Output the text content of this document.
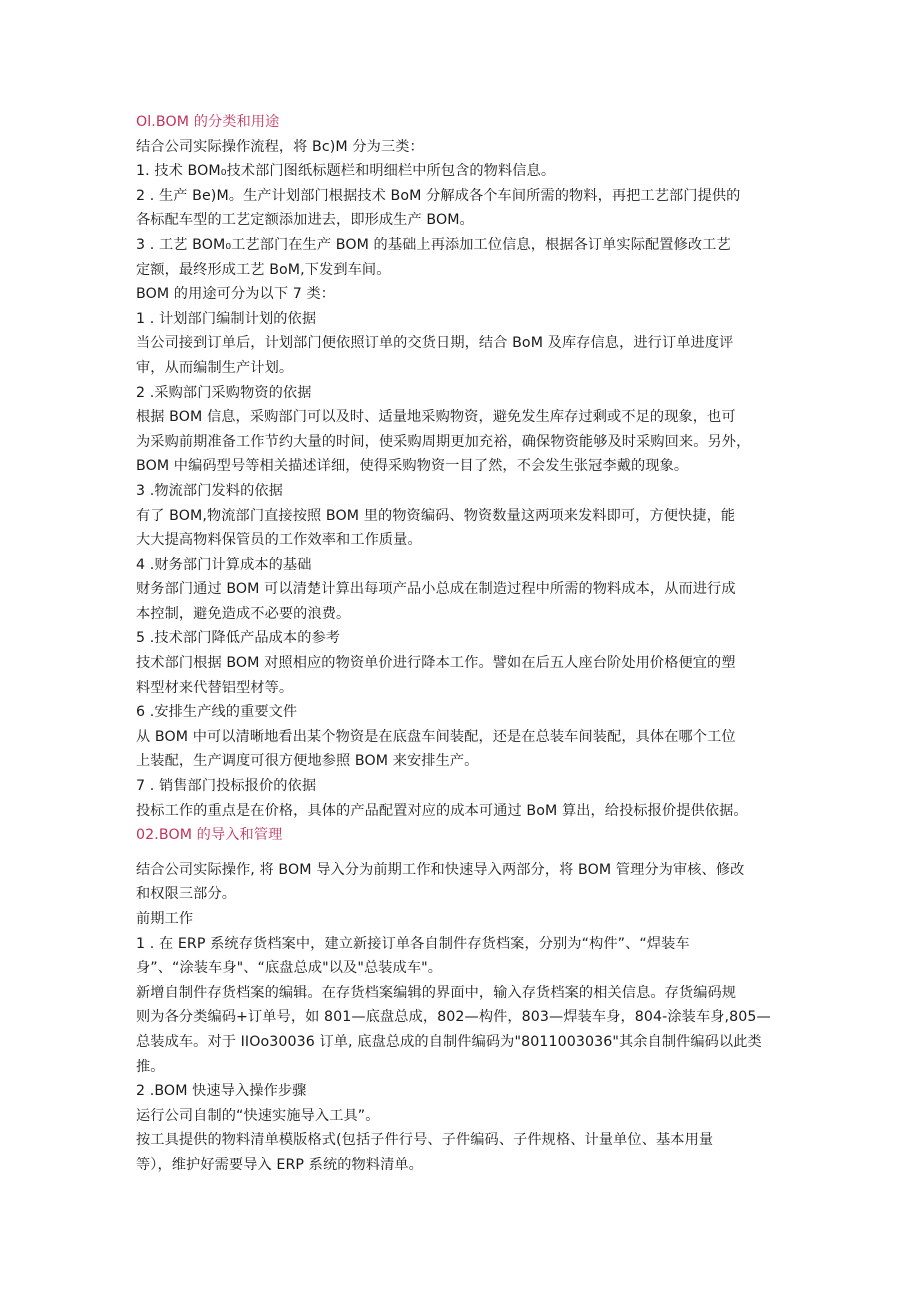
Ol.BOM 的分类和用途
结合公司实际操作流程，将 Bc)M 分为三类：
1. 技术 BOM₀技术部门图纸标题栏和明细栏中所包含的物料信息。
2 . 生产 Be)M。生产计划部门根据技术 BoM 分解成各个车间所需的物料，再把工艺部门提供的
各标配车型的工艺定额添加进去，即形成生产 BOM。
3 . 工艺 BOM₀工艺部门在生产 BOM 的基础上再添加工位信息，根据各订单实际配置修改工艺
定额，最终形成工艺 BoM,下发到车间。
BOM 的用途可分为以下 7 类：
1 . 计划部门编制计划的依据
当公司接到订单后，计划部门便依照订单的交货日期，结合 BoM 及库存信息，进行订单进度评
审，从而编制生产计划。
2 .采购部门采购物资的依据
根据 BOM 信息，采购部门可以及时、适量地采购物资，避免发生库存过剩或不足的现象，也可
为采购前期准备工作节约大量的时间，使采购周期更加充裕，确保物资能够及时采购回来。另外，
BOM 中编码型号等相关描述详细，使得采购物资一目了然，不会发生张冠李戴的现象。
3 .物流部门发料的依据
有了 BOM,物流部门直接按照 BOM 里的物资编码、物资数量这两项来发料即可，方便快捷，能
大大提高物料保管员的工作效率和工作质量。
4 .财务部门计算成本的基础
财务部门通过 BOM 可以清楚计算出每项产品小总成在制造过程中所需的物料成本，从而进行成
本控制，避免造成不必要的浪费。
5 .技术部门降低产品成本的参考
技术部门根据 BOM 对照相应的物资单价进行降本工作。譬如在后五人座台阶处用价格便宜的塑
料型材来代替铝型材等。
6 .安排生产线的重要文件
从 BOM 中可以清晰地看出某个物资是在底盘车间装配，还是在总装车间装配，具体在哪个工位
上装配，生产调度可很方便地参照 BOM 来安排生产。
7 . 销售部门投标报价的依据
投标工作的重点是在价格，具体的产品配置对应的成本可通过 BoM 算出，给投标报价提供依据。
02.BOM 的导入和管理
结合公司实际操作, 将 BOM 导入分为前期工作和快速导入两部分，将 BOM 管理分为审核、修改
和权限三部分。
前期工作
1 . 在 ERP 系统存货档案中，建立新接订单各自制件存货档案，分别为“构件”、“焊装车
身”、“涂装车身"、“底盘总成"以及"总装成车"。
新增自制件存货档案的编辑。在存货档案编辑的界面中，输入存货档案的相关信息。存货编码规
则为各分类编码+订单号，如 801—底盘总成，802—构件，803—焊装车身，804-涂装车身,805—
总装成车。对于 IIOo30036 订单, 底盘总成的自制件编码为"8011003036"其余自制件编码以此类
推。
2 .BOM 快速导入操作步骤
运行公司自制的“快速实施导入工具”。
按工具提供的物料清单模版格式(包括子件行号、子件编码、子件规格、计量单位、基本用量
等），维护好需要导入 ERP 系统的物料清单。
